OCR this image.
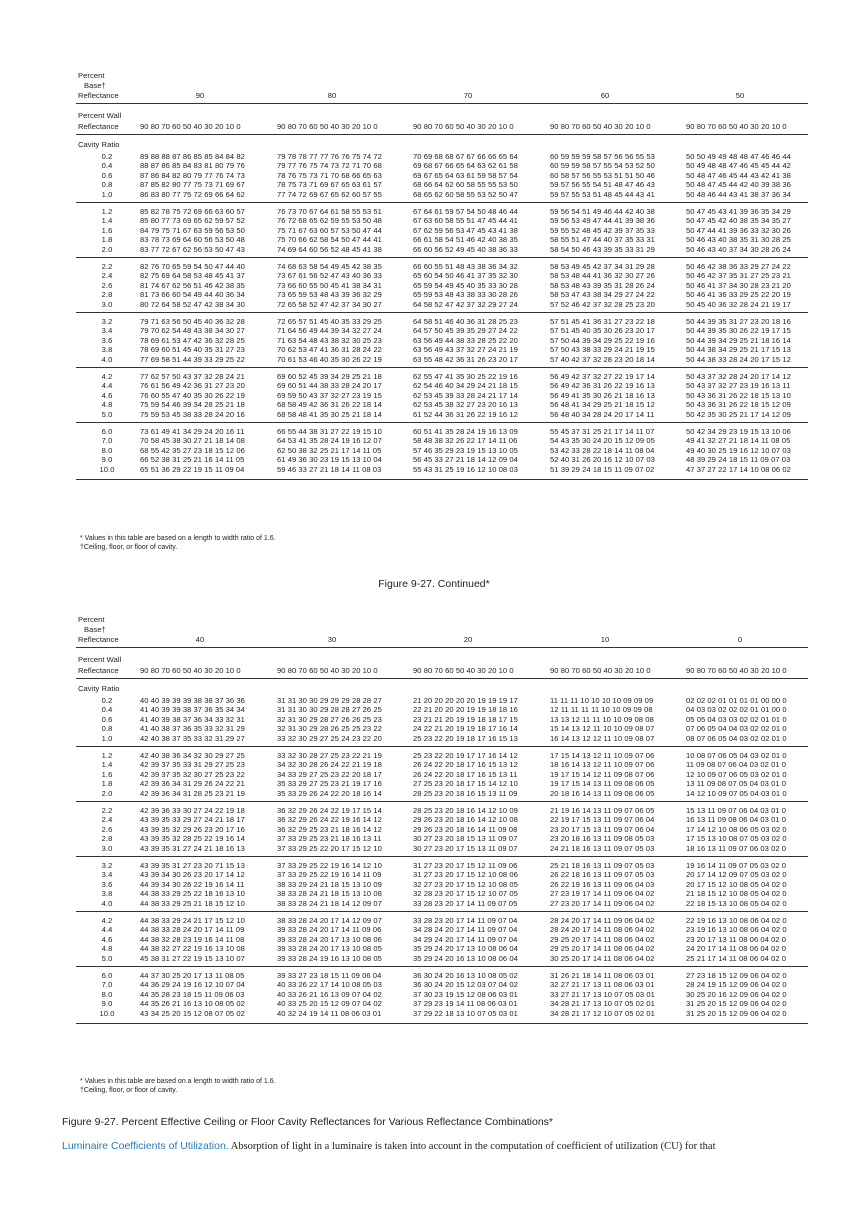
Percent
Base†
Reflectance	90	80	70	60	50
Percent Wall
Reflectance	90 80 70 60 50 40 30 20 10 0	90 80 70 60 50 40 30 20 10 0	90 80 70 60 50 40 30 20 10 0	90 80 70 60 50 40 30 20 10 0	90 80 70 60 50 40 30 20 10 0
Cavity Ratio
0.2	89 88 88 87 86 85 85 84 84 82	79 78 78 77 77 76 76 75 74 72	70 69 68 68 67 67 66 66 65 64	60 59 59 59 58 57 56 56 55 53	50 50 49 49 48 48 47 46 46 44
0.4	88 87 86 85 84 83 81 80 79 76	79 77 76 75 74 73 72 71 70 68	69 68 67 66 65 64 63 62 61 58	60 59 59 58 57 55 54 53 52 50	50 49 48 48 47 46 45 45 44 42
0.6	87 86 84 82 80 79 77 76 74 73	78 76 75 73 71 70 68 66 65 63	69 67 65 64 63 61 59 58 57 54	60 58 57 56 55 53 51 51 50 46	50 48 47 46 45 44 43 42 41 38
0.8	87 85 82 80 77 75 73 71 69 67	78 75 73 71 69 67 65 63 61 57	68 66 64 62 60 58 55 55 53 50	59 57 56 55 54 51 48 47 46 43	50 48 47 45 44 42 40 39 38 36
1.0	86 83 80 77 75 72 69 66 64 62	77 74 72 69 67 65 62 60 57 55	68 65 62 60 58 55 53 52 50 47	59 57 55 53 51 48 45 44 43 41	50 48 46 44 43 41 38 37 36 34
1.2	85 82 78 75 72 69 66 63 60 57	76 73 70 67 64 61 58 55 53 51	67 64 61 59 57 54 50 48 46 44	59 56 54 51 49 46 44 42 40 38	50 47 45 43 41 39 36 35 34 29
1.4	85 80 77 73 69 65 62 59 57 52	76 72 68 65 62 59 55 53 50 48	67 63 60 58 55 51 47 45 44 41	59 56 53 49 47 44 41 39 38 36	50 47 45 42 40 38 35 34 35 27
1.6	84 79 75 71 67 63 59 56 53 50	75 71 67 63 60 57 53 50 47 44	67 62 59 56 53 47 45 43 41 38	59 55 52 48 45 42 39 37 35 33	50 47 44 41 39 36 33 32 30 26
1.8	83 78 73 69 64 60 56 53 50 48	75 70 66 62 58 54 50 47 44 41	66 61 58 54 51 46 42 40 38 35	58 55 51 47 44 40 37 35 33 31	50 46 43 40 38 35 31 30 28 25
2.0	83 77 72 67 62 56 53 50 47 43	74 69 64 60 56 52 48 45 41 38	66 60 56 52 49 45 40 38 36 33	58 54 50 46 43 39 35 33 31 29	50 46 43 40 37 34 30 28 26 24
2.2	82 76 70 65 59 54 50 47 44 40	74 68 63 58 54 49 45 42 38 35	66 60 55 51 48 43 38 36 34 32	58 53 49 45 42 37 34 31 29 28	50 46 42 38 36 33 29 27 24 22
2.4	82 75 69 64 58 53 48 45 41 37	73 67 61 56 52 47 43 40 36 33	65 60 54 50 46 41 37 35 32 30	58 53 48 44 41 36 32 30 27 26	50 46 42 37 35 31 27 25 23 21
2.6	81 74 67 62 56 51 46 42 38 35	73 66 60 55 50 45 41 38 34 31	65 59 54 49 45 40 35 33 30 28	58 53 48 43 39 35 31 28 26 24	50 46 41 37 34 30 28 23 21 20
2.8	81 73 66 60 54 49 44 40 36 34	73 65 59 53 48 43 39 36 32 29	65 59 53 48 43 38 33 30 28 26	58 53 47 43 38 34 29 27 24 22	50 46 41 36 33 29 25 22 20 19
3.0	80 72 64 58 52 47 42 38 34 30	72 65 58 52 47 42 37 34 30 27	64 58 52 47 42 37 32 29 27 24	57 52 46 42 37 32 28 25 23 20	50 45 40 36 32 28 24 21 19 17
3.2	79 71 63 56 50 45 40 36 32 28	72 65 57 51 45 40 35 33 29 25	64 58 51 46 40 36 31 28 25 23	57 51 45 41 36 31 27 23 22 18	50 44 39 35 31 27 23 20 18 16
3.4	79 70 62 54 48 43 38 34 30 27	71 64 56 49 44 39 34 32 27 24	64 57 50 45 39 35 29 27 24 22	57 51 45 40 35 30 26 23 20 17	50 44 39 35 30 26 22 19 17 15
3.6	78 69 61 53 47 42 36 32 28 25	71 63 54 48 43 38 32 30 25 23	63 56 49 44 38 33 28 25 22 20	57 50 44 39 34 29 25 22 19 16	50 44 39 34 29 25 21 18 16 14
3.8	78 69 60 51 45 40 35 31 27 23	70 62 53 47 41 36 31 28 24 22	63 56 49 43 37 32 27 24 21 19	57 50 43 38 33 29 24 21 19 15	50 44 38 34 29 25 21 17 15 13
4.0	77 69 58 51 44 39 33 29 25 22	70 61 53 46 40 35 30 26 22 19	63 55 48 42 36 31 26 23 20 17	57 40 42 37 32 28 23 20 18 14	50 44 38 33 28 24 20 17 15 12
4.2	77 62 57 50 43 37 32 28 24 21	69 60 52 45 39 34 29 25 21 18	62 55 47 41 35 30 25 22 19 16	56 49 42 37 32 27 22 19 17 14	50 43 37 32 28 24 20 17 14 12
4.4	76 61 56 49 42 36 31 27 23 20	69 60 51 44 38 33 28 24 20 17	62 54 46 40 34 29 24 21 18 15	56 49 42 36 31 26 22 19 16 13	50 43 37 32 27 23 19 16 13 11
4.6	76 60 55 47 40 35 30 26 22 19	69 59 50 43 37 32 27 23 19 15	62 53 45 39 33 28 24 21 17 14	56 49 41 35 30 26 21 18 16 13	50 43 36 31 26 22 18 15 13 10
4.8	75 59 54 46 39 34 28 25 21 18	68 58 49 42 36 31 26 22 18 14	62 53 45 38 32 27 23 20 16 13	56 48 41 34 29 25 21 18 15 12	50 43 36 31 26 22 18 15 12 09
5.0	75 59 53 45 38 33 28 24 20 16	68 58 48 41 35 30 25 21 18 14	61 52 44 36 31 26 22 19 16 12	56 48 40 34 28 24 20 17 14 11	50 42 35 30 25 21 17 14 12 09
6.0	73 61 49 41 34 29 24 20 16 11	66 55 44 38 31 27 22 19 15 10	60 51 41 35 28 24 19 16 13 09	55 45 37 31 25 21 17 14 11 07	50 42 34 29 23 19 15 13 10 06
7.0	70 58 45 38 30 27 21 18 14 08	64 53 41 35 28 24 19 16 12 07	58 48 38 32 26 22 17 14 11 06	54 43 35 30 24 20 15 12 09 05	49 41 32 27 21 18 14 11 08 05
8.0	68 55 42 35 27 23 18 15 12 06	62 50 38 32 25 21 17 14 11 05	57 46 35 29 23 19 15 13 10 05	53 42 33 28 22 18 14 11 08 04	49 40 30 25 19 16 12 10 07 03
9.0	66 52 38 31 25 21 16 14 11 05	61 49 36 30 23 19 15 13 10 04	56 45 33 27 21 18 14 12 09 04	52 40 31 26 20 16 12 10 07 03	48 39 29 24 18 15 11 09 07 03
10.0	65 51 36 29 22 19 15 11 09 04	59 46 33 27 21 18 14 11 08 03	55 43 31 25 19 16 12 10 08 03	51 39 29 24 18 15 11 09 07 02	47 37 27 22 17 14 10 08 06 02
* Values in this table are based on a length to width ratio of 1.6.
†Ceiling, floor, or floor of cavity.
Figure 9-27. Continued*
Percent
Base†
Reflectance	40	30	20	10	0
Percent Wall
Reflectance	90 80 70 60 50 40 30 20 10 0	90 80 70 60 50 40 30 20 10 0	90 80 70 60 50 40 30 20 10 0	90 80 70 60 50 40 30 20 10 0	90 80 70 60 50 40 30 20 10 0
Cavity Ratio
0.2	40 40 39 39 39 38 38 37 36 36	31 31 30 30 29 29 29 28 28 27	21 20 20 20 20 20 19 19 19 17	11 11 11 10 10 10 10 09 09 09	02 02 02 01 01 01 01 00 00 0
0.4	41 40 39 39 38 37 36 35 34 34	31 31 30 30 29 28 28 27 26 25	22 21 20 20 20 19 19 18 18 16	12 11 11 11 11 10 10 09 09 08	04 03 03 02 02 02 01 01 00 0
0.6	41 40 39 38 37 36 34 33 32 31	32 31 30 29 28 27 26 26 25 23	23 21 21 20 19 19 18 18 17 15	13 13 12 11 11 10 10 09 08 08	05 05 04 03 03 02 02 01 01 0
0.8	41 40 38 37 36 35 33 32 31 29	32 31 30 29 28 26 25 25 23 22	24 22 21 20 19 19 18 17 16 14	15 14 13 12 11 10 10 09 08 07	07 06 05 04 04 03 02 02 01 0
1.0	42 40 38 37 35 33 32 31 29 27	33 32 30 29 27 25 24 23 22 20	25 23 22 20 19 18 17 16 15 13	16 14 13 12 12 11 10 09 08 07	08 07 06 05 04 03 02 02 01 0
1.2	42 40 38 36 34 32 30 29 27 25	33 32 30 28 27 25 23 22 21 19	25 23 22 20 19 17 17 16 14 12	17 15 14 13 12 11 10 09 07 06	10 08 07 06 05 04 03 02 01 0
1.4	42 39 37 35 33 31 29 27 25 23	34 32 30 28 26 24 22 21 19 18	26 24 22 20 18 17 16 15 13 12	18 16 14 13 12 11 10 09 07 06	11 09 08 07 06 04 03 02 01 0
1.6	42 39 37 35 32 30 27 25 23 22	34 33 29 27 25 23 22 20 18 17	26 24 22 20 18 17 16 15 13 11	19 17 15 14 12 11 09 08 07 06	12 10 09 07 06 05 03 02 01 0
1.8	42 39 36 34 31 29 26 24 22 21	35 33 29 27 25 23 21 19 17 16	27 25 23 20 18 17 15 14 12 10	19 17 15 14 13 11 09 08 06 05	13 11 09 08 07 05 04 03 01 0
2.0	42 39 36 34 31 28 25 23 21 19	35 33 29 26 24 22 20 18 16 14	28 25 23 20 18 16 15 13 11 09	20 18 16 14 13 11 09 08 06 05	14 12 10 09 07 05 04 03 01 0
2.2	42 39 36 33 30 27 24 22 19 18	36 32 29 26 24 22 19 17 15 14	28 25 23 20 18 16 14 12 10 09	21 19 16 14 13 11 09 07 06 05	15 13 11 09 07 06 04 03 01 0
2.4	43 39 35 33 29 27 24 21 18 17	36 32 29 26 24 22 19 16 14 12	29 26 23 20 18 16 14 12 10 08	22 19 17 15 13 11 09 07 06 04	16 13 11 09 08 06 04 03 01 0
2.6	43 39 35 32 29 26 23 20 17 16	36 32 29 25 23 21 18 16 14 12	29 26 23 20 18 16 14 11 09 08	23 20 17 15 13 11 09 07 06 04	17 14 12 10 08 06 05 03 02 0
2.8	43 39 35 32 28 25 22 19 16 14	37 33 29 25 23 21 18 16 13 11	30 27 23 20 18 15 13 11 09 07	23 20 18 16 13 11 09 08 05 03	17 15 13 10 08 07 05 03 02 0
3.0	43 39 35 31 27 24 21 18 16 13	37 33 29 25 22 20 17 15 12 10	30 27 23 20 17 15 13 11 09 07	24 21 18 16 13 11 09 07 05 03	18 16 13 11 09 07 06 03 02 0
3.2	43 39 35 31 27 23 20 71 15 13	37 33 29 25 22 19 16 14 12 10	31 27 23 20 17 15 12 11 09 06	25 21 18 16 13 11 09 07 05 03	19 16 14 11 09 07 05 03 02 0
3.4	43 39 34 30 26 23 20 17 14 12	37 33 29 25 22 19 16 14 11 09	31 27 23 20 17 15 12 10 08 06	26 22 18 16 13 11 09 07 05 03	20 17 14 12 09 07 05 03 02 0
3.6	44 39 34 30 26 22 19 16 14 11	38 33 29 24 21 18 15 13 10 09	32 27 23 20 17 15 12 10 08 05	26 22 19 16 13 11 09 06 04 03	20 17 15 12 10 08 05 04 02 0
3.8	44 38 33 29 25 22 18 16 13 10	38 33 28 24 21 18 15 13 10 08	32 28 23 20 17 15 12 10 07 05	27 23 19 17 14 11 09 06 04 02	21 18 15 12 10 08 05 04 02 0
4.0	44 38 33 29 25 21 18 15 12 10	38 33 28 24 21 18 14 12 09 07	33 28 23 20 17 14 11 09 07 05	27 23 20 17 14 11 09 06 04 02	22 18 15 13 10 08 05 04 02 0
4.2	44 38 33 29 24 21 17 15 12 10	38 33 28 24 20 17 14 12 09 07	33 28 23 20 17 14 11 09 07 04	28 24 20 17 14 11 09 06 04 02	22 19 16 13 10 08 06 04 02 0
4.4	44 38 33 28 24 20 17 14 11 09	39 33 28 24 20 17 14 11 09 06	34 28 24 20 17 14 11 09 07 04	28 24 20 17 14 11 08 06 04 02	23 19 16 13 10 08 06 04 02 0
4.6	44 38 32 28 23 19 16 14 11 08	39 33 28 24 20 17 13 10 08 06	34 29 24 20 17 14 11 09 07 04	29 25 20 17 14 11 08 06 04 02	23 20 17 13 11 08 06 04 02 0
4.8	44 38 32 27 22 19 16 13 10 08	39 33 28 24 20 17 13 10 08 05	35 29 24 20 17 13 10 08 06 04	29 25 20 17 14 11 08 06 04 02	24 20 17 14 11 08 06 04 02 0
5.0	45 38 31 27 22 19 15 13 10 07	39 33 28 24 19 16 13 10 08 05	35 29 24 20 16 13 10 08 06 04	30 25 20 17 14 11 08 06 04 02	25 21 17 14 11 08 06 04 02 0
6.0	44 37 30 25 20 17 13 11 08 05	39 33 27 23 18 15 11 09 06 04	36 30 24 20 16 13 10 08 05 02	31 26 21 18 14 11 08 06 03 01	27 23 18 15 12 09 06 04 02 0
7.0	44 36 29 24 19 16 12 10 07 04	40 33 26 22 17 14 10 08 05 03	36 30 24 20 15 12 03 07 04 02	32 27 21 17 13 11 08 06 03 01	28 24 19 15 12 09 06 04 02 0
8.0	44 35 28 23 18 15 11 09 06 03	40 33 26 21 16 13 09 07 04 02	37 30 23 19 15 12 08 06 03 01	33 27 21 17 13 10 07 05 03 01	30 25 20 16 12 09 06 04 02 0
9.0	44 35 26 21 16 13 10 08 05 02	40 33 25 20 15 12 09 07 04 02	37 29 23 19 14 11 08 06 03 01	34 28 21 17 13 10 07 05 02 01	31 25 20 15 12 09 06 04 02 0
10.0	43 34 25 20 15 12 08 07 05 02	40 32 24 19 14 11 08 06 03 01	37 29 22 18 13 10 07 05 03 01	34 28 21 17 12 10 07 05 02 01	31 25 20 15 12 09 06 04 02 0
* Values in this table are based on a length to width ratio of 1.6.
†Ceiling, floor, or floor of cavity.
Figure 9-27. Percent Effective Ceiling or Floor Cavity Reflectances for Various Reflectance Combinations*
Luminaire Coefficients of Utilization. Absorption of light in a luminaire is taken into account in the computation of coefficient of utilization (CU) for that
